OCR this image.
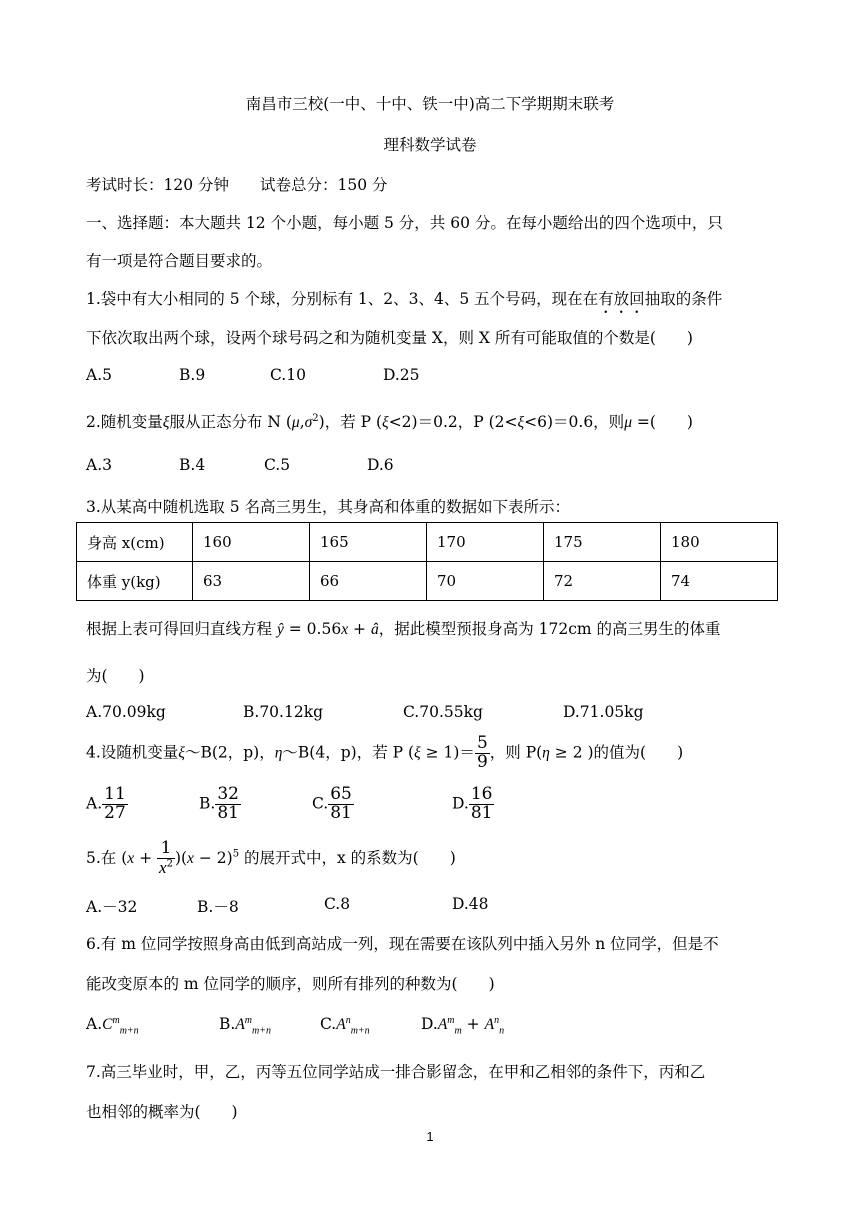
南昌市三校(一中、十中、铁一中)高二下学期期末联考
理科数学试卷
考试时长：120 分钟　　试卷总分：150 分
一、选择题：本大题共 12 个小题，每小题 5 分，共 60 分。在每小题给出的四个选项中，只
有一项是符合题目要求的。
1.袋中有大小相同的 5 个球，分别标有 1、2、3、4、5 五个号码，现在在有放回抽取的条件
下依次取出两个球，设两个球号码之和为随机变量 X，则 X 所有可能取值的个数是(　　)
A.5	B.9	C.10	D.25
2.随机变量ξ服从正态分布 N $(\mu,\sigma^2)$，若 P (ξ<2)＝0.2，P (2<ξ<6)＝0.6，则μ =(　　)
A.3	B.4	C.5	D.6
3.从某高中随机选取 5 名高三男生，其身高和体重的数据如下表所示：
身高 x(cm)	160	165	170	175	180
体重 y(kg)	63	66	70	72	74
根据上表可得回归直线方程 ŷ = 0.56x + â，据此模型预报身高为 172cm 的高三男生的体重
为(　　)
A.70.09kg	B.70.12kg	C.70.55kg	D.71.05kg
4.设随机变量ξ～B(2，p)，η～B(4，p)，若 P $(\xi \ge 1)= \frac{5}{9}$ ，则 P(η ≥ 2 )的值为(　　)
A. $\frac{11}{27}$	B. $\frac{32}{81}$	C. $\frac{65}{81}$	D. $\frac{16}{81}$
5.在 $(x + \frac{1}{x^2} )(x - 2)^5$ 的展开式中，x 的系数为(　　)
A.－32	B.－8	C.8	D.48
6.有 m 位同学按照身高由低到高站成一列，现在需要在该队列中插入另外 n 位同学，但是不
能改变原本的 m 位同学的顺序，则所有排列的种数为(　　)
$A.C^m_{m+n}$	$B.A^m_{m+n}$	$C.A^n_{m+n}$	$D.A^m_m + A^n_n$
7.高三毕业时，甲，乙，丙等五位同学站成一排合影留念，在甲和乙相邻的条件下，丙和乙
也相邻的概率为(　　)
1
